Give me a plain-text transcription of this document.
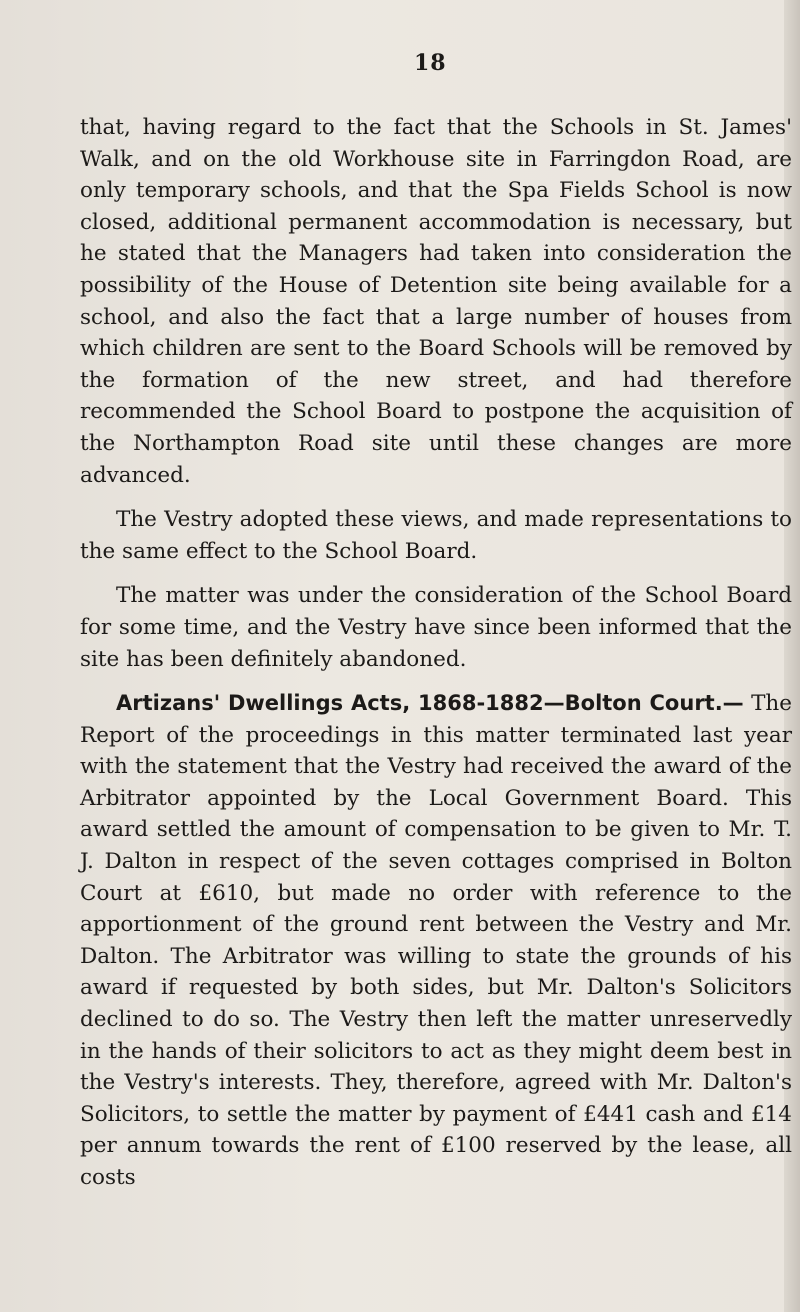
18

that, having regard to the fact that the Schools in St. James' Walk, and on the old Workhouse site in Farringdon Road, are only temporary schools, and that the Spa Fields School is now closed, additional permanent accommodation is necessary, but he stated that the Managers had taken into consideration the possibility of the House of Detention site being available for a school, and also the fact that a large number of houses from which children are sent to the Board Schools will be removed by the formation of the new street, and had therefore recommended the School Board to postpone the acquisition of the Northampton Road site until these changes are more advanced.

The Vestry adopted these views, and made representations to the same effect to the School Board.

The matter was under the consideration of the School Board for some time, and the Vestry have since been informed that the site has been definitely abandoned.

Artizans' Dwellings Acts, 1868-1882—Bolton Court.— The Report of the proceedings in this matter terminated last year with the statement that the Vestry had received the award of the Arbitrator appointed by the Local Government Board. This award settled the amount of compensation to be given to Mr. T. J. Dalton in respect of the seven cottages comprised in Bolton Court at £610, but made no order with reference to the apportionment of the ground rent between the Vestry and Mr. Dalton. The Arbitrator was willing to state the grounds of his award if requested by both sides, but Mr. Dalton's Solicitors declined to do so. The Vestry then left the matter unreservedly in the hands of their solicitors to act as they might deem best in the Vestry's interests. They, therefore, agreed with Mr. Dalton's Solicitors, to settle the matter by payment of £441 cash and £14 per annum towards the rent of £100 reserved by the lease, all costs
